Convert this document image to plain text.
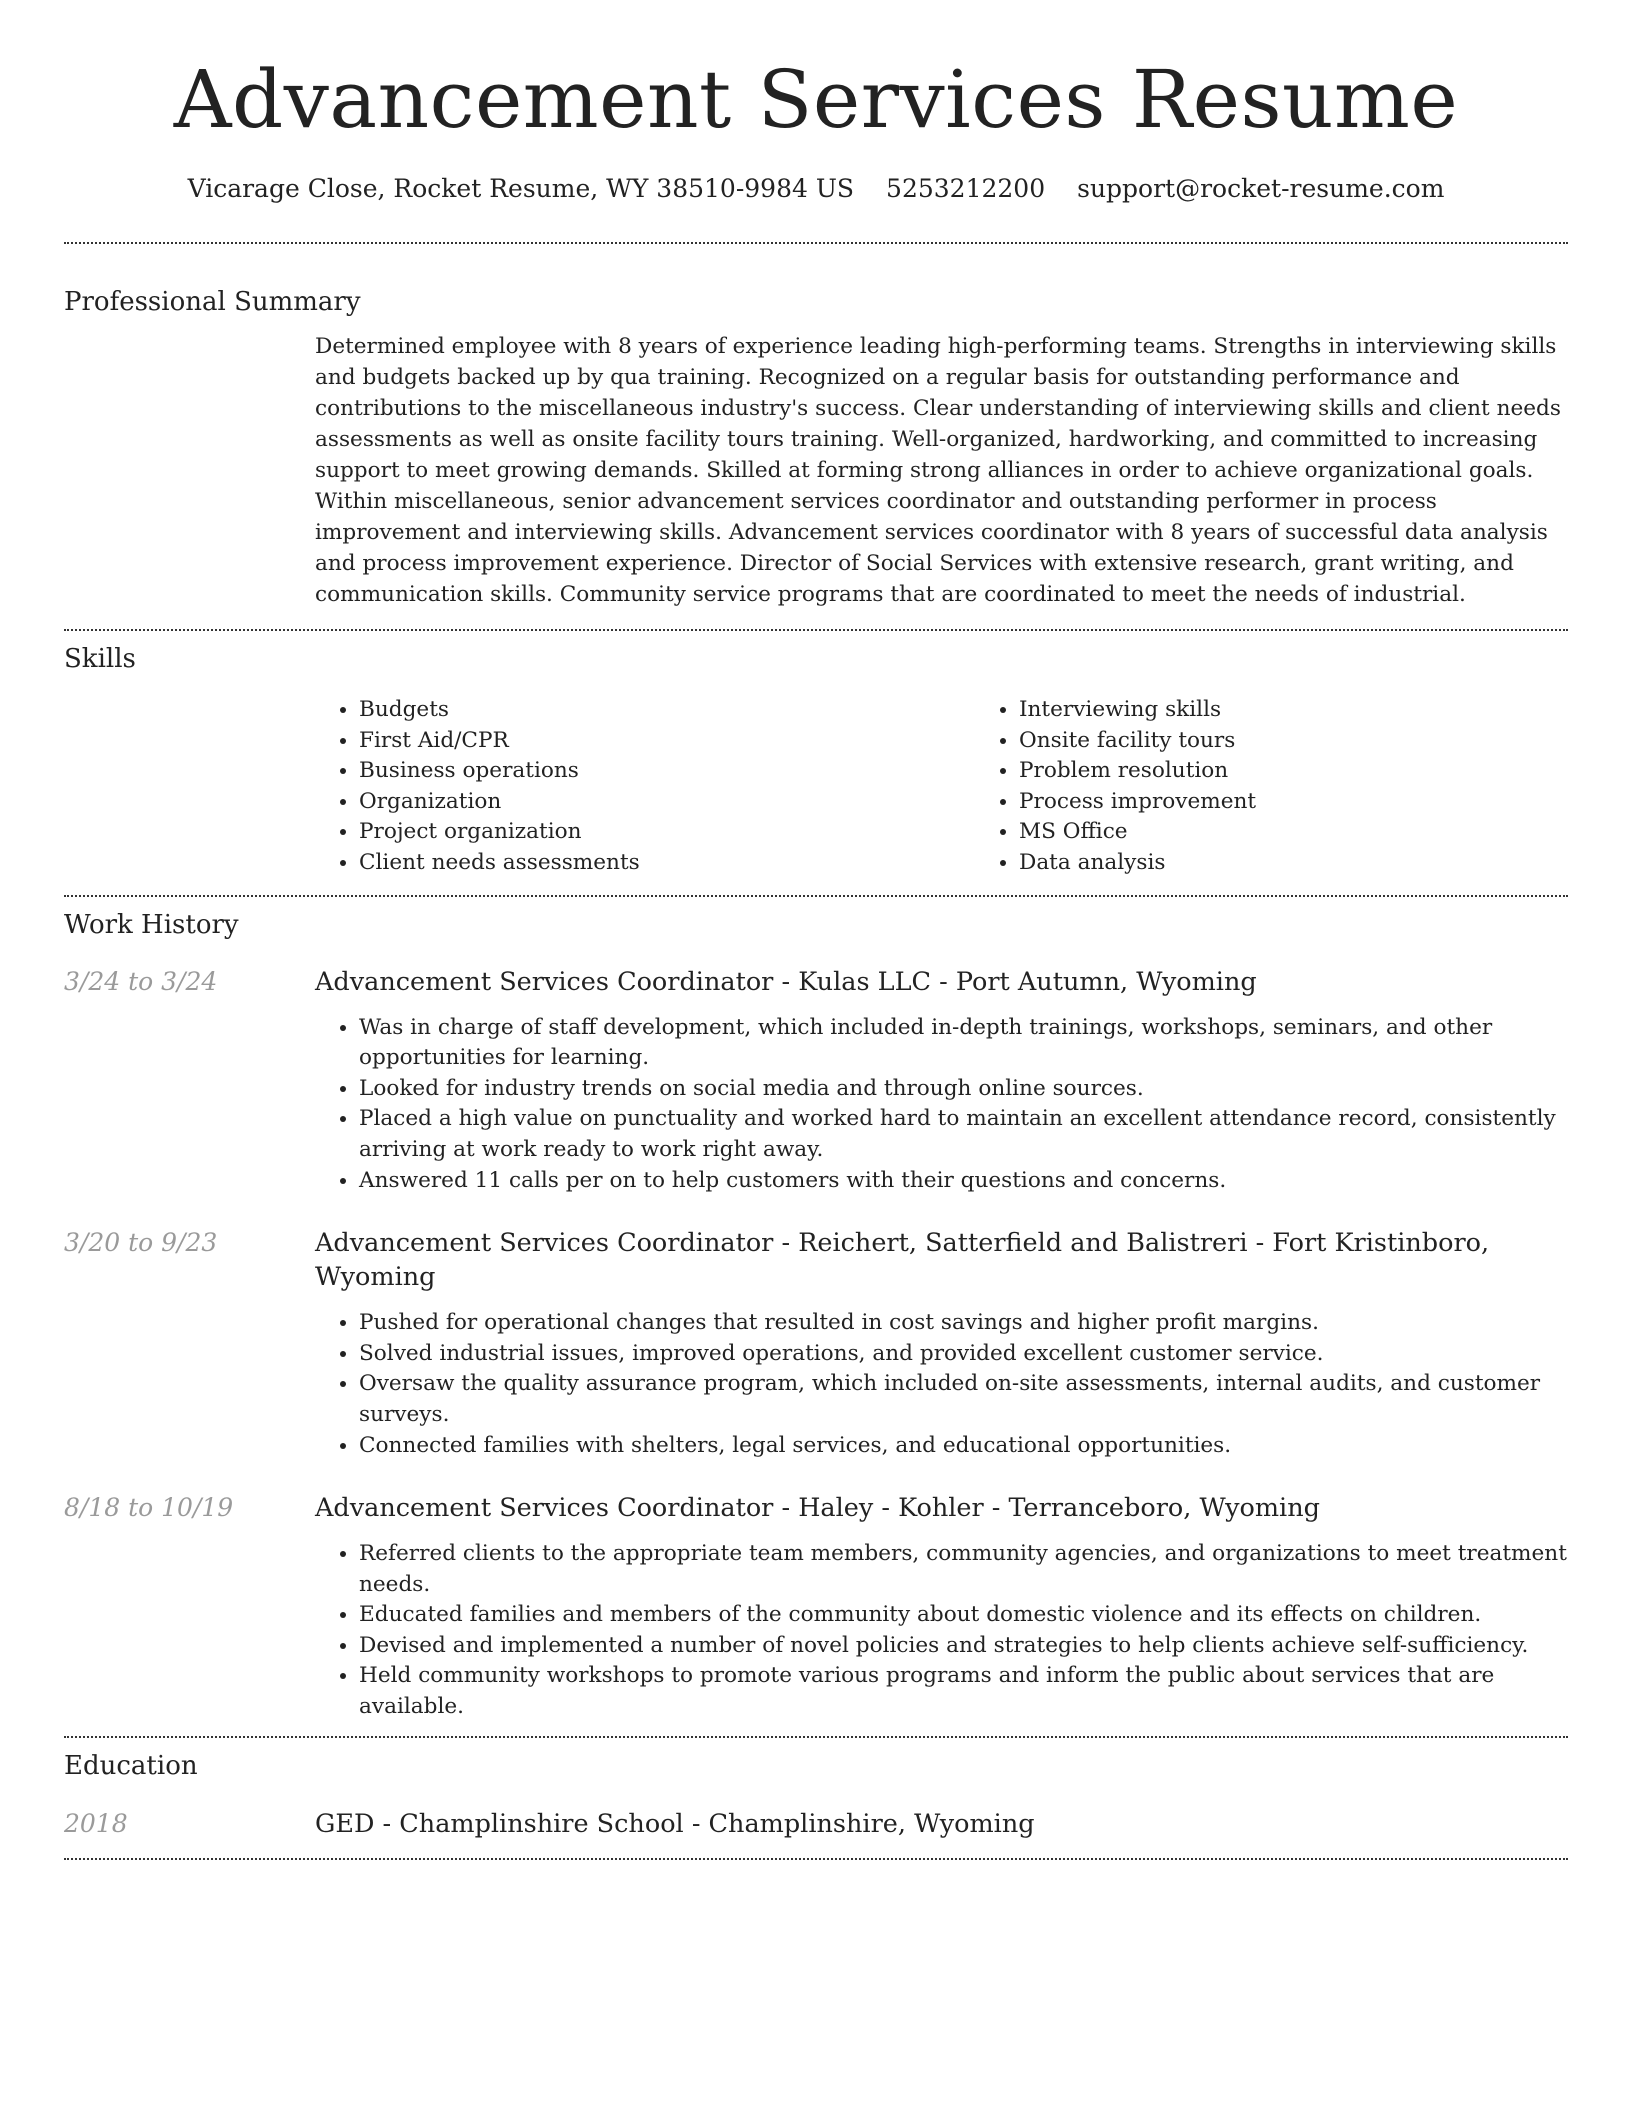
Advancement Services Resume
Vicarage Close, Rocket Resume, WY 38510-9984 US 5253212200 support@rocket-resume.com
Professional Summary

Determined employee with 8 years of experience leading high-performing teams. Strengths in interviewing skills and budgets backed up by qua training. Recognized on a regular basis for outstanding performance and contributions to the miscellaneous industry's success. Clear understanding of interviewing skills and client needs assessments as well as onsite facility tours training. Well-organized, hardworking, and committed to increasing support to meet growing demands. Skilled at forming strong alliances in order to achieve organizational goals. Within miscellaneous, senior advancement services coordinator and outstanding performer in process improvement and interviewing skills. Advancement services coordinator with 8 years of successful data analysis and process improvement experience. Director of Social Services with extensive research, grant writing, and communication skills. Community service programs that are coordinated to meet the needs of industrial.

Skills
• Budgets
• First Aid/CPR
• Business operations
• Organization
• Project organization
• Client needs assessments
• Interviewing skills
• Onsite facility tours
• Problem resolution
• Process improvement
• MS Office
• Data analysis
Work History
3/24 to 3/24	Advancement Services Coordinator - Kulas LLC - Port Autumn, Wyoming
• Was in charge of staff development, which included in-depth trainings, workshops, seminars, and other opportunities for learning.
• Looked for industry trends on social media and through online sources.
• Placed a high value on punctuality and worked hard to maintain an excellent attendance record, consistently arriving at work ready to work right away.
• Answered 11 calls per on to help customers with their questions and concerns.
3/20 to 9/23	Advancement Services Coordinator - Reichert, Satterfield and Balistreri - Fort Kristinboro, Wyoming
• Pushed for operational changes that resulted in cost savings and higher profit margins.
• Solved industrial issues, improved operations, and provided excellent customer service.
• Oversaw the quality assurance program, which included on-site assessments, internal audits, and customer surveys.
• Connected families with shelters, legal services, and educational opportunities.
8/18 to 10/19	Advancement Services Coordinator - Haley - Kohler - Terranceboro, Wyoming
• Referred clients to the appropriate team members, community agencies, and organizations to meet treatment needs.
• Educated families and members of the community about domestic violence and its effects on children.
• Devised and implemented a number of novel policies and strategies to help clients achieve self-sufficiency.
• Held community workshops to promote various programs and inform the public about services that are available.
Education
2018	GED - Champlinshire School - Champlinshire, Wyoming
